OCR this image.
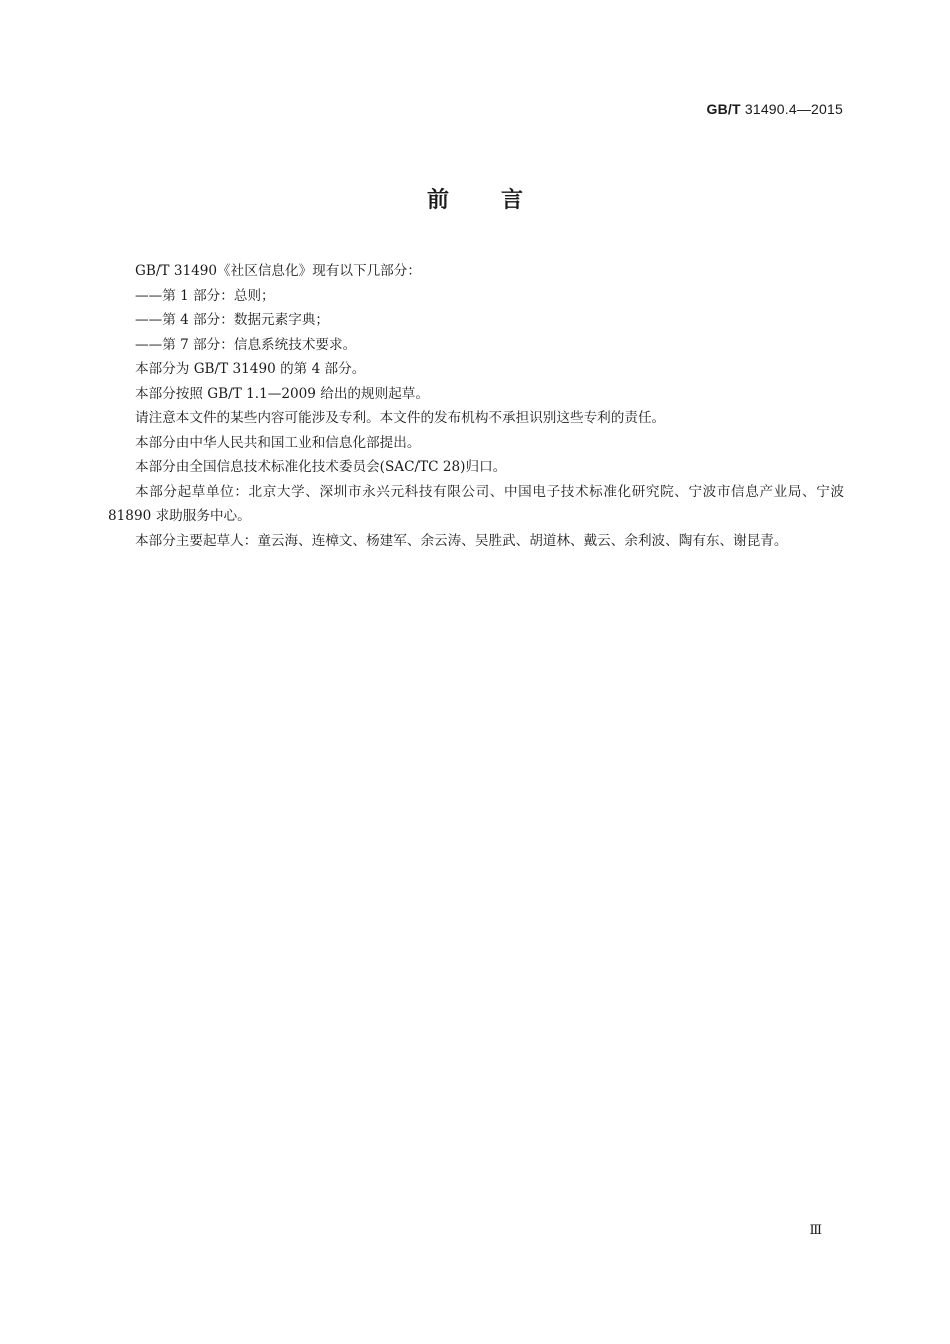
GB/T 31490.4—2015
前言

GB/T 31490《社区信息化》现有以下几部分：

——第 1 部分：总则；

——第 4 部分：数据元素字典；

——第 7 部分：信息系统技术要求。

本部分为 GB/T 31490 的第 4 部分。

本部分按照 GB/T 1.1—2009 给出的规则起草。

请注意本文件的某些内容可能涉及专利。本文件的发布机构不承担识别这些专利的责任。

本部分由中华人民共和国工业和信息化部提出。

本部分由全国信息技术标准化技术委员会(SAC/TC 28)归口。

本部分起草单位：北京大学、深圳市永兴元科技有限公司、中国电子技术标准化研究院、宁波市信息产业局、宁波 81890 求助服务中心。

本部分主要起草人：童云海、连樟文、杨建军、余云涛、吴胜武、胡道林、戴云、余利波、陶有东、谢昆青。

Ⅲ
